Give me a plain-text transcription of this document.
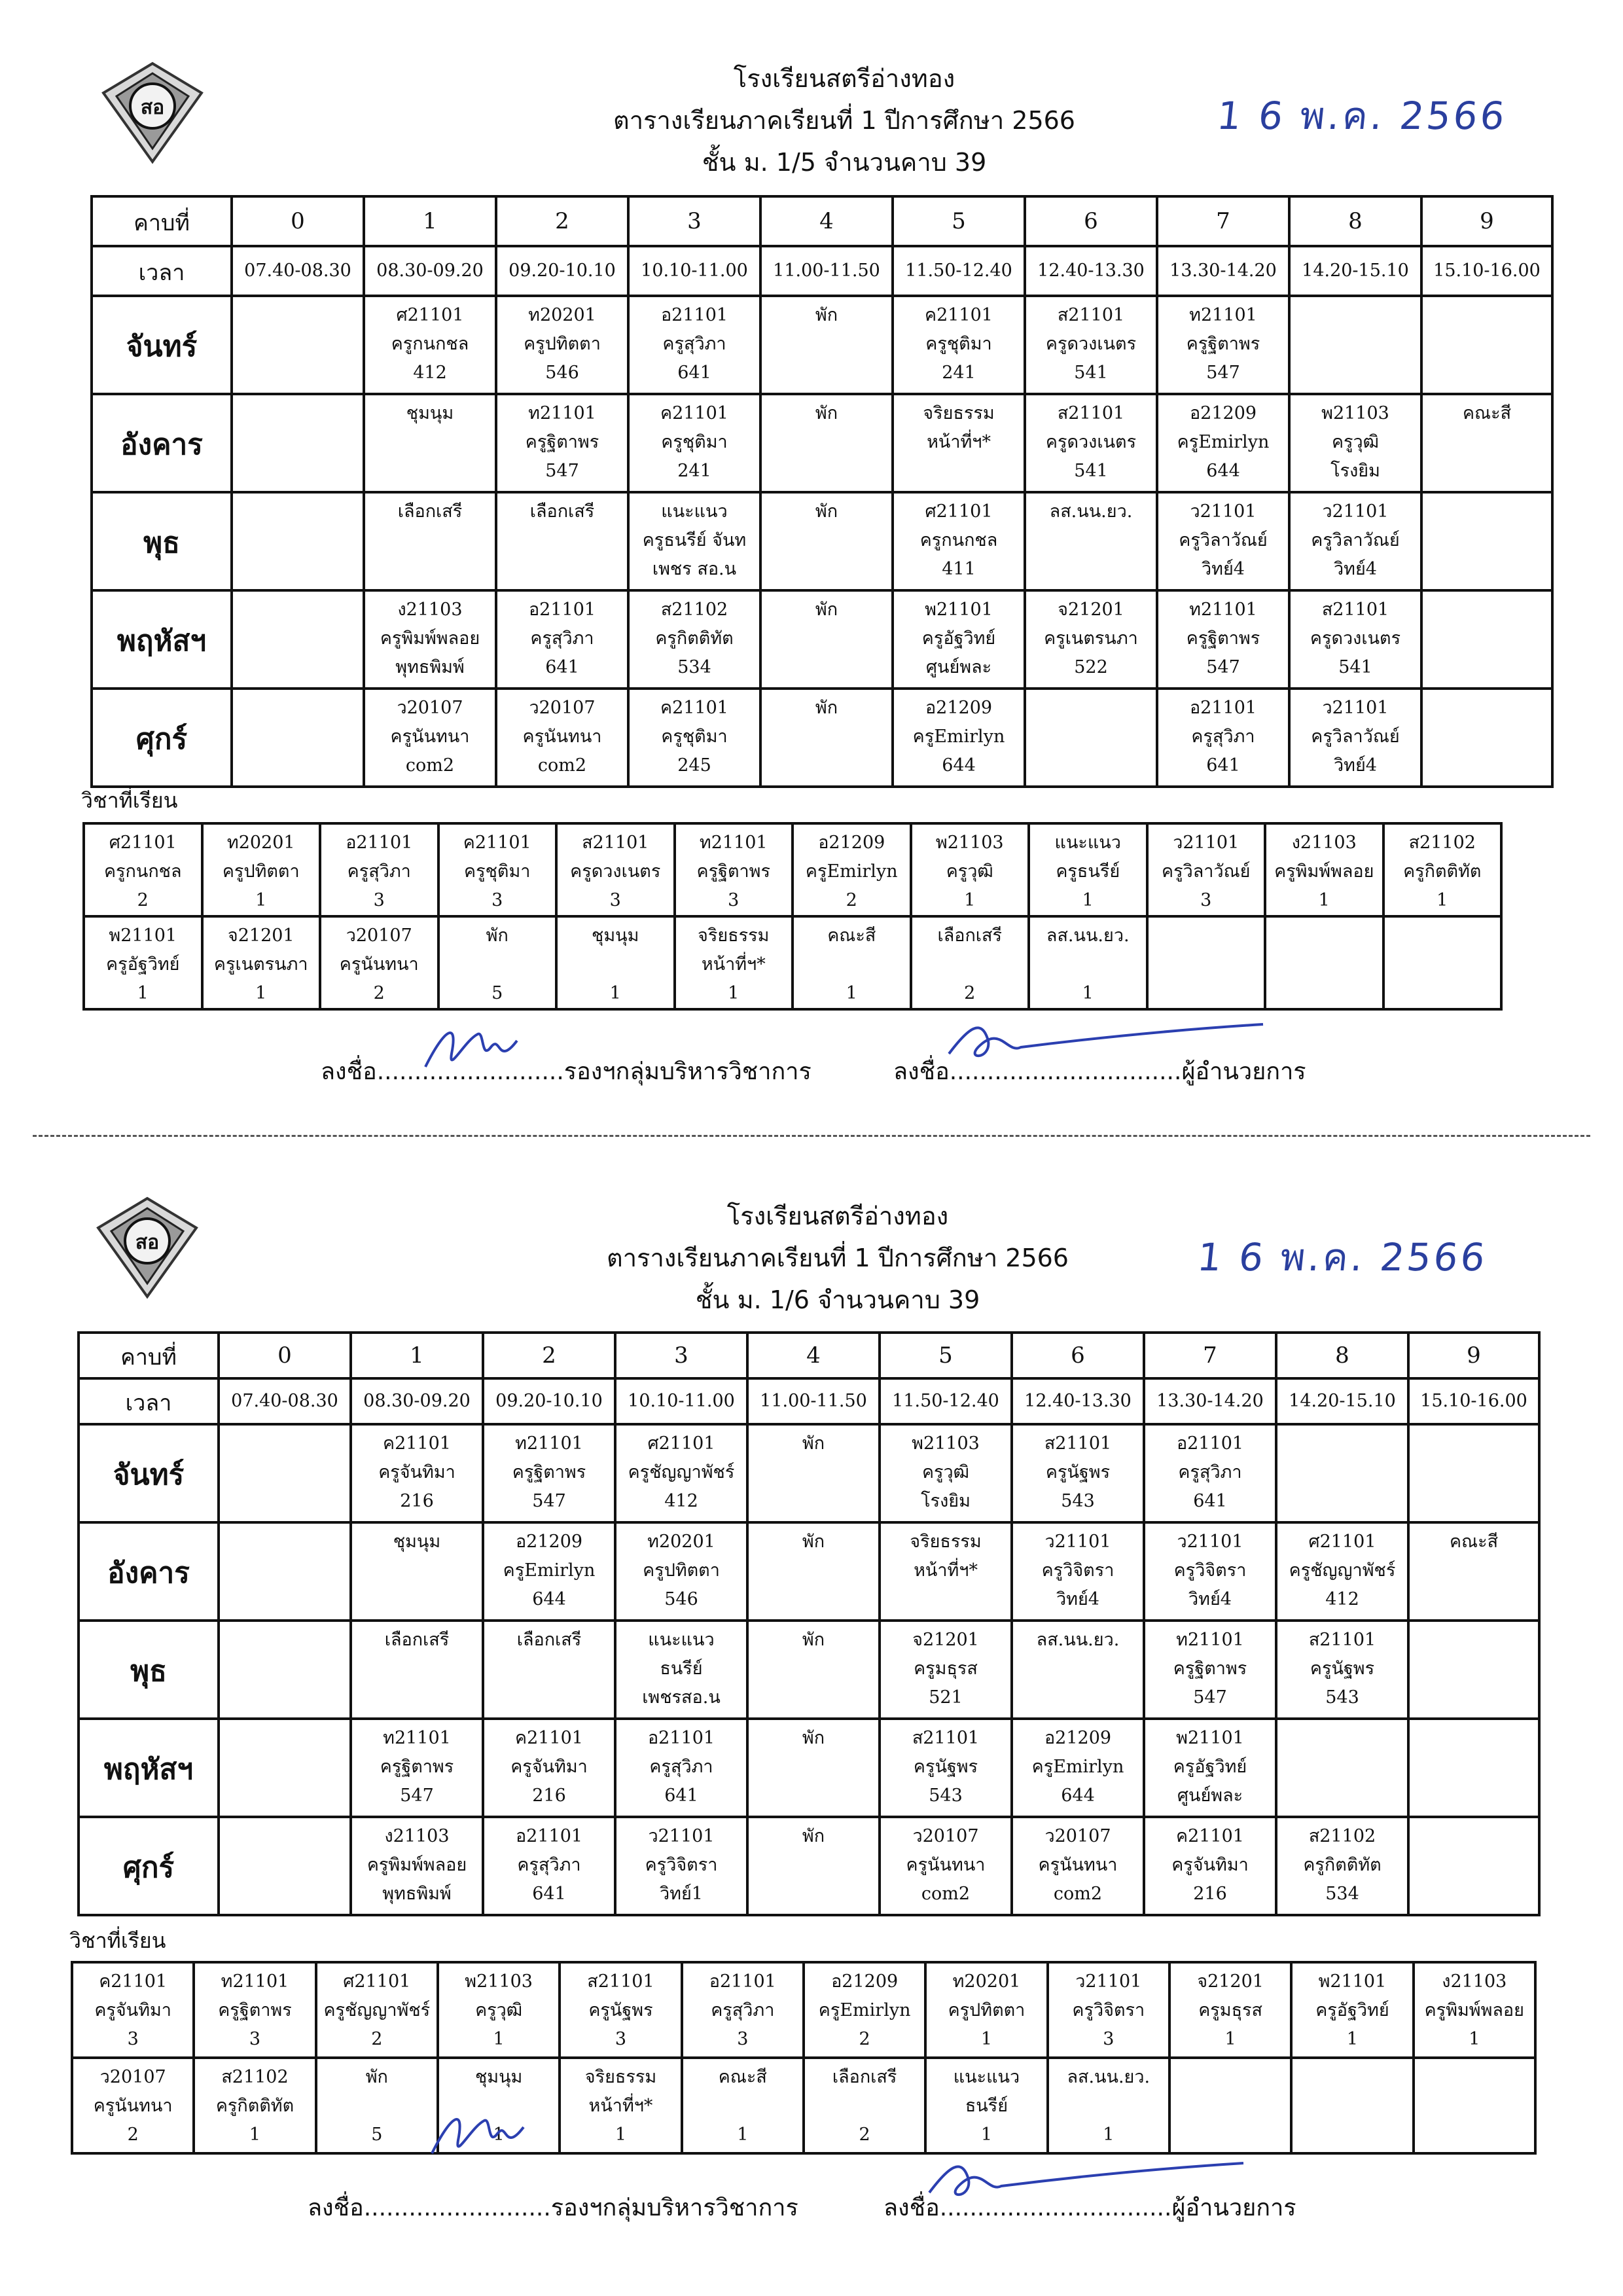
สอ
โรงเรียนสตรีอ่างทอง
ตารางเรียนภาคเรียนที่ 1 ปีการศึกษา 2566
ชั้น ม. 1/5 จำนวนคาบ 39
1 6 พ.ค. 2566
คาบที่	0	1	2	3	4	5	6	7	8	9
เวลา	07.40-08.30	08.30-09.20	09.20-10.10	10.10-11.00	11.00-11.50	11.50-12.40	12.40-13.30	13.30-14.20	14.20-15.10	15.10-16.00
จันทร์		ศ21101
ครูกนกชล
412	ท20201
ครูปทิตตา
546	อ21101
ครูสุวิภา
641	พัก	ค21101
ครูชุติมา
241	ส21101
ครูดวงเนตร
541	ท21101
ครูฐิตาพร
547		

อังคาร		ชุมนุม	ท21101
ครูฐิตาพร
547	ค21101
ครูชุติมา
241	พัก	จริยธรรม
หน้าที่ฯ*	ส21101
ครูดวงเนตร
541	อ21209
ครูEmirlyn
644	พ21103
ครูวุฒิ
โรงยิม	คณะสี

พุธ		เลือกเสรี	เลือกเสรี	แนะแนว
ครูธนรีย์ จันท
เพชร สอ.น	พัก	ศ21101
ครูกนกชล
411	ลส.นน.ยว.	ว21101
ครูวิลาวัณย์
วิทย์4	ว21101
ครูวิลาวัณย์
วิทย์4	

พฤหัสฯ		ง21103
ครูพิมพ์พลอย
พุทธพิมพ์	อ21101
ครูสุวิภา
641	ส21102
ครูกิตติทัต
534	พัก	พ21101
ครูอัฐวิทย์
ศูนย์พละ	จ21201
ครูเนตรนภา
522	ท21101
ครูฐิตาพร
547	ส21101
ครูดวงเนตร
541	

ศุกร์		ว20107
ครูนันทนา
com2	ว20107
ครูนันทนา
com2	ค21101
ครูชุติมา
245	พัก	อ21209
ครูEmirlyn
644		อ21101
ครูสุวิภา
641	ว21101
ครูวิลาวัณย์
วิทย์4	

วิชาที่เรียน
ศ21101
ครูกนกชล
2	ท20201
ครูปทิตตา
1	อ21101
ครูสุวิภา
3	ค21101
ครูชุติมา
3	ส21101
ครูดวงเนตร
3	ท21101
ครูฐิตาพร
3	อ21209
ครูEmirlyn
2	พ21103
ครูวุฒิ
1	แนะแนว
ครูธนรีย์
1	ว21101
ครูวิลาวัณย์
3	ง21103
ครูพิมพ์พลอย
1	ส21102
ครูกิตติทัต
1

พ21101
ครูอัฐวิทย์
1	จ21201
ครูเนตรนภา
1	ว20107
ครูนันทนา
2	พัก

5	ชุมนุม

1	จริยธรรม
หน้าที่ฯ*
1	คณะสี

1	เลือกเสรี

2	ลส.นน.ยว.

1			

ลงชื่อ.........................รองฯกลุ่มบริหารวิชาการ	ลงชื่อ...............................ผู้อำนวยการ
สอ
โรงเรียนสตรีอ่างทอง
ตารางเรียนภาคเรียนที่ 1 ปีการศึกษา 2566
ชั้น ม. 1/6 จำนวนคาบ 39
1 6 พ.ค. 2566
คาบที่	0	1	2	3	4	5	6	7	8	9
เวลา	07.40-08.30	08.30-09.20	09.20-10.10	10.10-11.00	11.00-11.50	11.50-12.40	12.40-13.30	13.30-14.20	14.20-15.10	15.10-16.00
จันทร์		ค21101
ครูจันทิมา
216	ท21101
ครูฐิตาพร
547	ศ21101
ครูชัญญาพัชร์
412	พัก	พ21103
ครูวุฒิ
โรงยิม	ส21101
ครูนัฐพร
543	อ21101
ครูสุวิภา
641		

อังคาร		ชุมนุม	อ21209
ครูEmirlyn
644	ท20201
ครูปทิตตา
546	พัก	จริยธรรม
หน้าที่ฯ*	ว21101
ครูวิจิตรา
วิทย์4	ว21101
ครูวิจิตรา
วิทย์4	ศ21101
ครูชัญญาพัชร์
412	คณะสี

พุธ		เลือกเสรี	เลือกเสรี	แนะแนว
ธนรีย์
เพชรสอ.น	พัก	จ21201
ครูมธุรส
521	ลส.นน.ยว.	ท21101
ครูฐิตาพร
547	ส21101
ครูนัฐพร
543	

พฤหัสฯ		ท21101
ครูฐิตาพร
547	ค21101
ครูจันทิมา
216	อ21101
ครูสุวิภา
641	พัก	ส21101
ครูนัฐพร
543	อ21209
ครูEmirlyn
644	พ21101
ครูอัฐวิทย์
ศูนย์พละ		

ศุกร์		ง21103
ครูพิมพ์พลอย
พุทธพิมพ์	อ21101
ครูสุวิภา
641	ว21101
ครูวิจิตรา
วิทย์1	พัก	ว20107
ครูนันทนา
com2	ว20107
ครูนันทนา
com2	ค21101
ครูจันทิมา
216	ส21102
ครูกิตติทัต
534	

วิชาที่เรียน
ค21101
ครูจันทิมา
3	ท21101
ครูฐิตาพร
3	ศ21101
ครูชัญญาพัชร์
2	พ21103
ครูวุฒิ
1	ส21101
ครูนัฐพร
3	อ21101
ครูสุวิภา
3	อ21209
ครูEmirlyn
2	ท20201
ครูปทิตตา
1	ว21101
ครูวิจิตรา
3	จ21201
ครูมธุรส
1	พ21101
ครูอัฐวิทย์
1	ง21103
ครูพิมพ์พลอย
1

ว20107
ครูนันทนา
2	ส21102
ครูกิตติทัต
1	พัก

5	ชุมนุม

1	จริยธรรม
หน้าที่ฯ*
1	คณะสี

1	เลือกเสรี

2	แนะแนว
ธนรีย์
1	ลส.นน.ยว.

1			

ลงชื่อ.........................รองฯกลุ่มบริหารวิชาการ	ลงชื่อ...............................ผู้อำนวยการ
